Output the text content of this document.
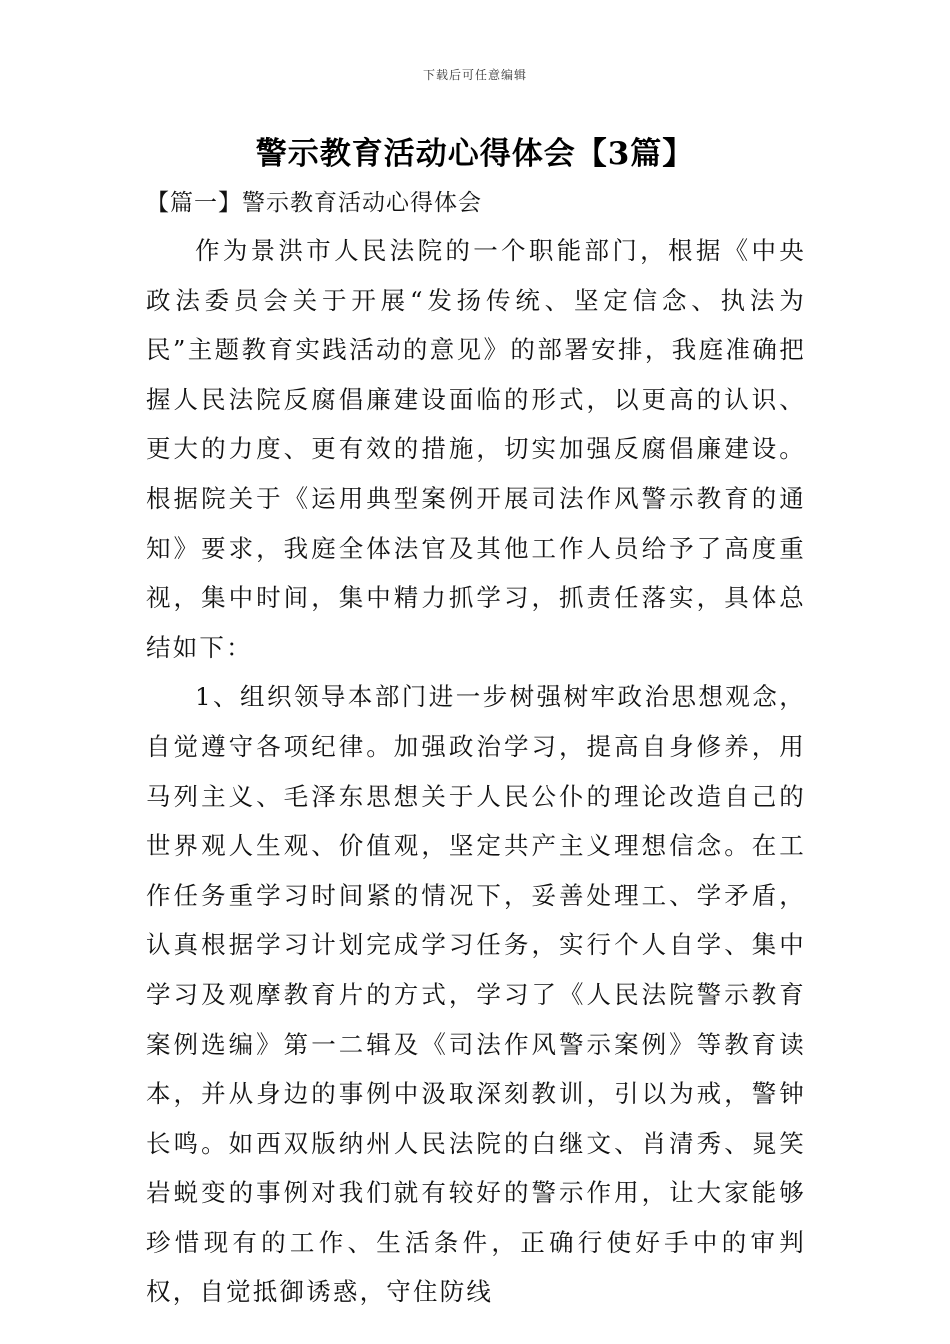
下载后可任意编辑
警示教育活动心得体会【3篇】
【篇一】警示教育活动心得体会

作为景洪市人民法院的一个职能部门，根据《中央政法委员会关于开展“发扬传统、坚定信念、执法为民”主题教育实践活动的意见》的部署安排，我庭准确把握人民法院反腐倡廉建设面临的形式，以更高的认识、更大的力度、更有效的措施，切实加强反腐倡廉建设。根据院关于《运用典型案例开展司法作风警示教育的通知》要求，我庭全体法官及其他工作人员给予了高度重视，集中时间，集中精力抓学习，抓责任落实，具体总结如下：

1、组织领导本部门进一步树强树牢政治思想观念，自觉遵守各项纪律。加强政治学习，提高自身修养，用马列主义、毛泽东思想关于人民公仆的理论改造自己的世界观人生观、价值观，坚定共产主义理想信念。在工作任务重学习时间紧的情况下，妥善处理工、学矛盾，认真根据学习计划完成学习任务，实行个人自学、集中学习及观摩教育片的方式，学习了《人民法院警示教育案例选编》第一二辑及《司法作风警示案例》等教育读本，并从身边的事例中汲取深刻教训，引以为戒，警钟长鸣。如西双版纳州人民法院的白继文、肖清秀、晁笑岩蜕变的事例对我们就有较好的警示作用，让大家能够珍惜现有的工作、生活条件，正确行使好手中的审判权，自觉抵御诱惑，守住防线
